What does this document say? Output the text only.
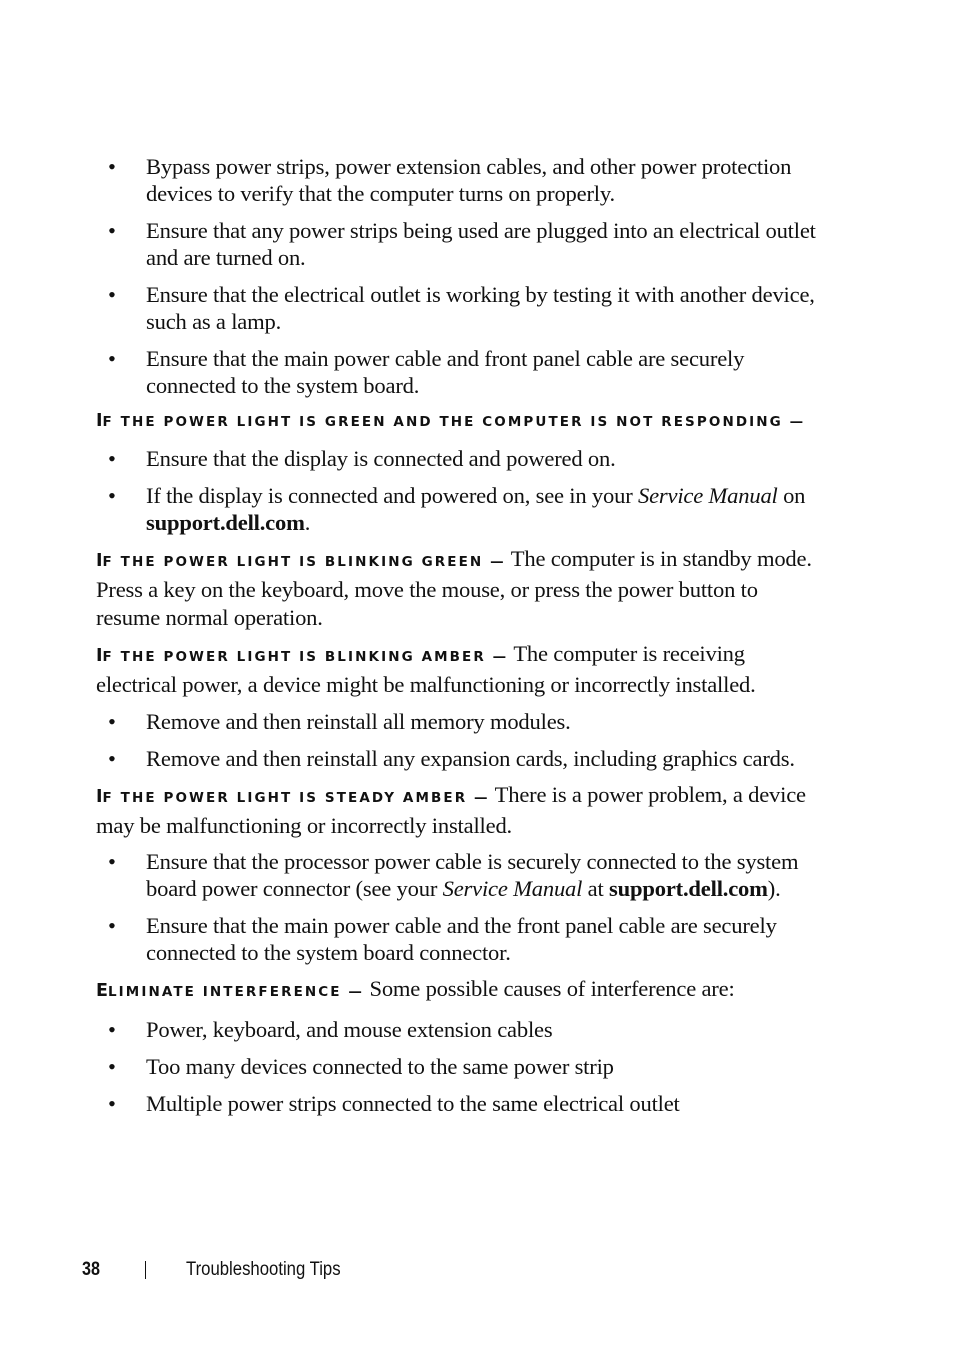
• Bypass power strips, power extension cables, and other power protection devices to verify that the computer turns on properly.
• Ensure that any power strips being used are plugged into an electrical outlet and are turned on.
• Ensure that the electrical outlet is working by testing it with another device, such as a lamp.
• Ensure that the main power cable and front panel cable are securely connected to the system board.

IF THE POWER LIGHT IS GREEN AND THE COMPUTER IS NOT RESPONDING —

• Ensure that the display is connected and powered on.
• If the display is connected and powered on, see in your Service Manual on support.dell.com.

IF THE POWER LIGHT IS BLINKING GREEN — The computer is in standby mode. Press a key on the keyboard, move the mouse, or press the power button to resume normal operation.

IF THE POWER LIGHT IS BLINKING AMBER — The computer is receiving electrical power, a device might be malfunctioning or incorrectly installed.

• Remove and then reinstall all memory modules.
• Remove and then reinstall any expansion cards, including graphics cards.

IF THE POWER LIGHT IS STEADY AMBER — There is a power problem, a device may be malfunctioning or incorrectly installed.

• Ensure that the processor power cable is securely connected to the system board power connector (see your Service Manual at support.dell.com).
• Ensure that the main power cable and the front panel cable are securely connected to the system board connector.

ELIMINATE INTERFERENCE — Some possible causes of interference are:

• Power, keyboard, and mouse extension cables
• Too many devices connected to the same power strip
• Multiple power strips connected to the same electrical outlet
38	Troubleshooting Tips
